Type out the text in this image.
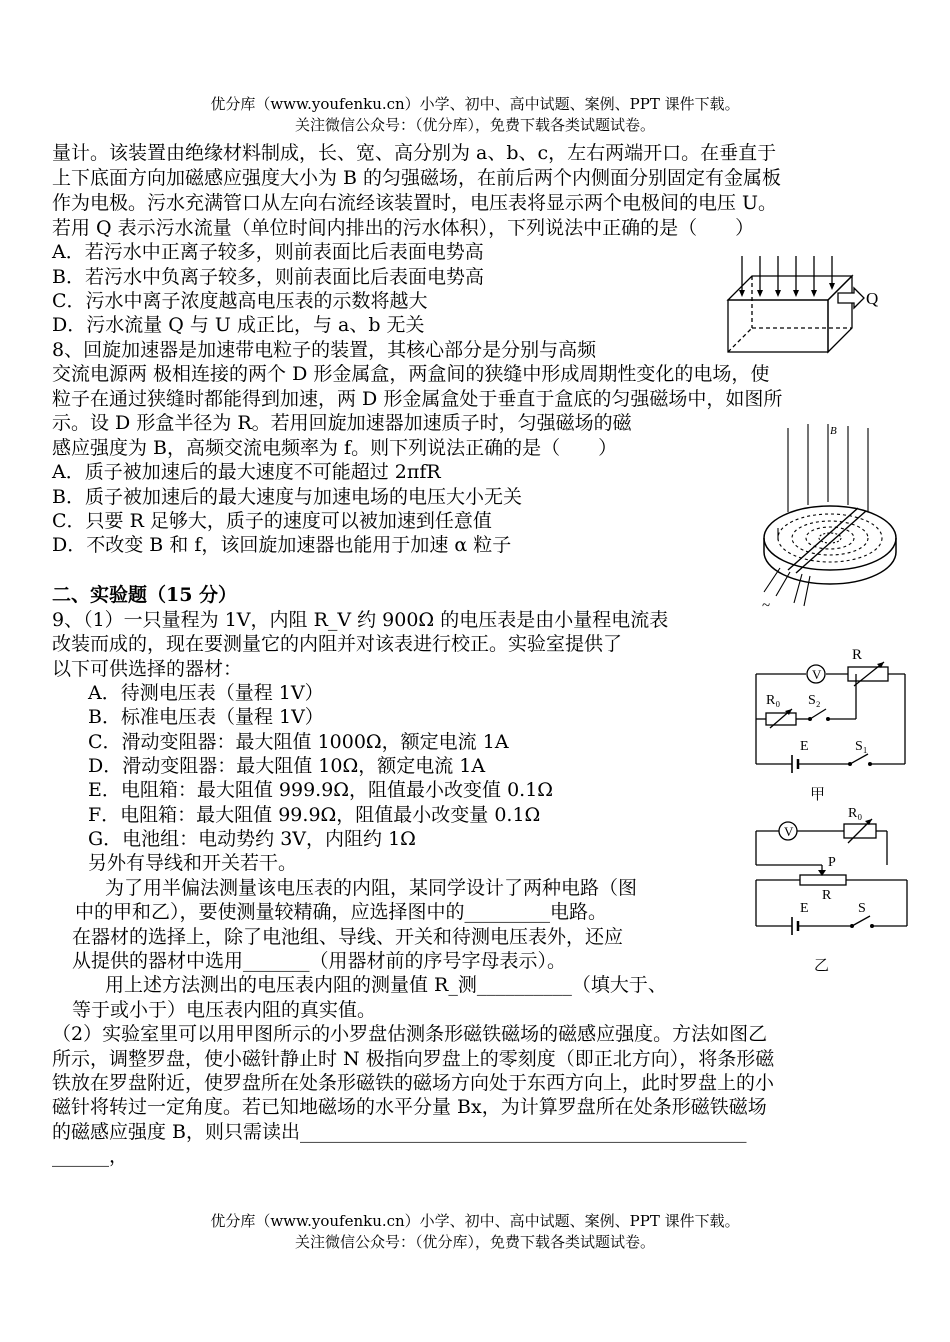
优分库（www.youfenku.cn）小学、初中、高中试题、案例、PPT 课件下载。
关注微信公众号：（优分库），免费下载各类试题试卷。
量计。该装置由绝缘材料制成，长、宽、高分别为 a、b、c，左右两端开口。在垂直于
上下底面方向加磁感应强度大小为 B 的匀强磁场，在前后两个内侧面分别固定有金属板
作为电极。污水充满管口从左向右流经该装置时，电压表将显示两个电极间的电压 U。
若用 Q 表示污水流量（单位时间内排出的污水体积），下列说法中正确的是（　　）
A．若污水中正离子较多，则前表面比后表面电势高
B．若污水中负离子较多，则前表面比后表面电势高
C．污水中离子浓度越高电压表的示数将越大
D．污水流量 Q 与 U 成正比，与 a、b 无关
Q
8、回旋加速器是加速带电粒子的装置，其核心部分是分别与高频
交流电源两 极相连接的两个 D 形金属盒，两盒间的狭缝中形成周期性变化的电场，使
粒子在通过狭缝时都能得到加速，两 D 形金属盒处于垂直于盒底的匀强磁场中，如图所
示。设 D 形盒半径为 R。若用回旋加速器加速质子时，匀强磁场的磁
感应强度为 B，高频交流电频率为 f。则下列说法正确的是（　　）
A．质子被加速后的最大速度不可能超过 2πfR
B．质子被加速后的最大速度与加速电场的电压大小无关
C．只要 R 足够大，质子的速度可以被加速到任意值
D．不改变 B 和 f，该回旋加速器也能用于加速 α 粒子
B
~
二、实验题（15 分）
9、（1）一只量程为 1V，内阻 R_V 约 900Ω 的电压表是由小量程电流表
改装而成的，现在要测量它的内阻并对该表进行校正。实验室提供了
以下可供选择的器材：
A．待测电压表（量程 1V）
B．标准电压表（量程 1V）
C．滑动变阻器：最大阻值 1000Ω，额定电流 1A
D．滑动变阻器：最大阻值 10Ω，额定电流 1A
E．电阻箱：最大阻值 999.9Ω，阻值最小改变值 0.1Ω
F．电阻箱：最大阻值 99.9Ω，阻值最小改变量 0.1Ω
G．电池组：电动势约 3V，内阻约 1Ω
另外有导线和开关若干。
为了用半偏法测量该电压表的内阻，某同学设计了两种电路（图
中的甲和乙），要使测量较精确，应选择图中的_________电路。
在器材的选择上，除了电池组、导线、开关和待测电压表外，还应
从提供的器材中选用_______（用器材前的序号字母表示）。
用上述方法测出的电压表内阻的测量值 R_测__________（填大于、
等于或小于）电压表内阻的真实值。
（2）实验室里可以用甲图所示的小罗盘估测条形磁铁磁场的磁感应强度。方法如图乙
所示，调整罗盘，使小磁针静止时 N 极指向罗盘上的零刻度（即正北方向），将条形磁
铁放在罗盘附近，使罗盘所在处条形磁铁的磁场方向处于东西方向上，此时罗盘上的小
磁针将转过一定角度。若已知地磁场的水平分量 Bx，为计算罗盘所在处条形磁铁磁场
的磁感应强度 B，则只需读出_______________________________________________
______，
V
R
R₀ S₂
E	S₁
甲
V
R₀
P
R
E	S
乙
优分库（www.youfenku.cn）小学、初中、高中试题、案例、PPT 课件下载。
关注微信公众号：（优分库），免费下载各类试题试卷。
